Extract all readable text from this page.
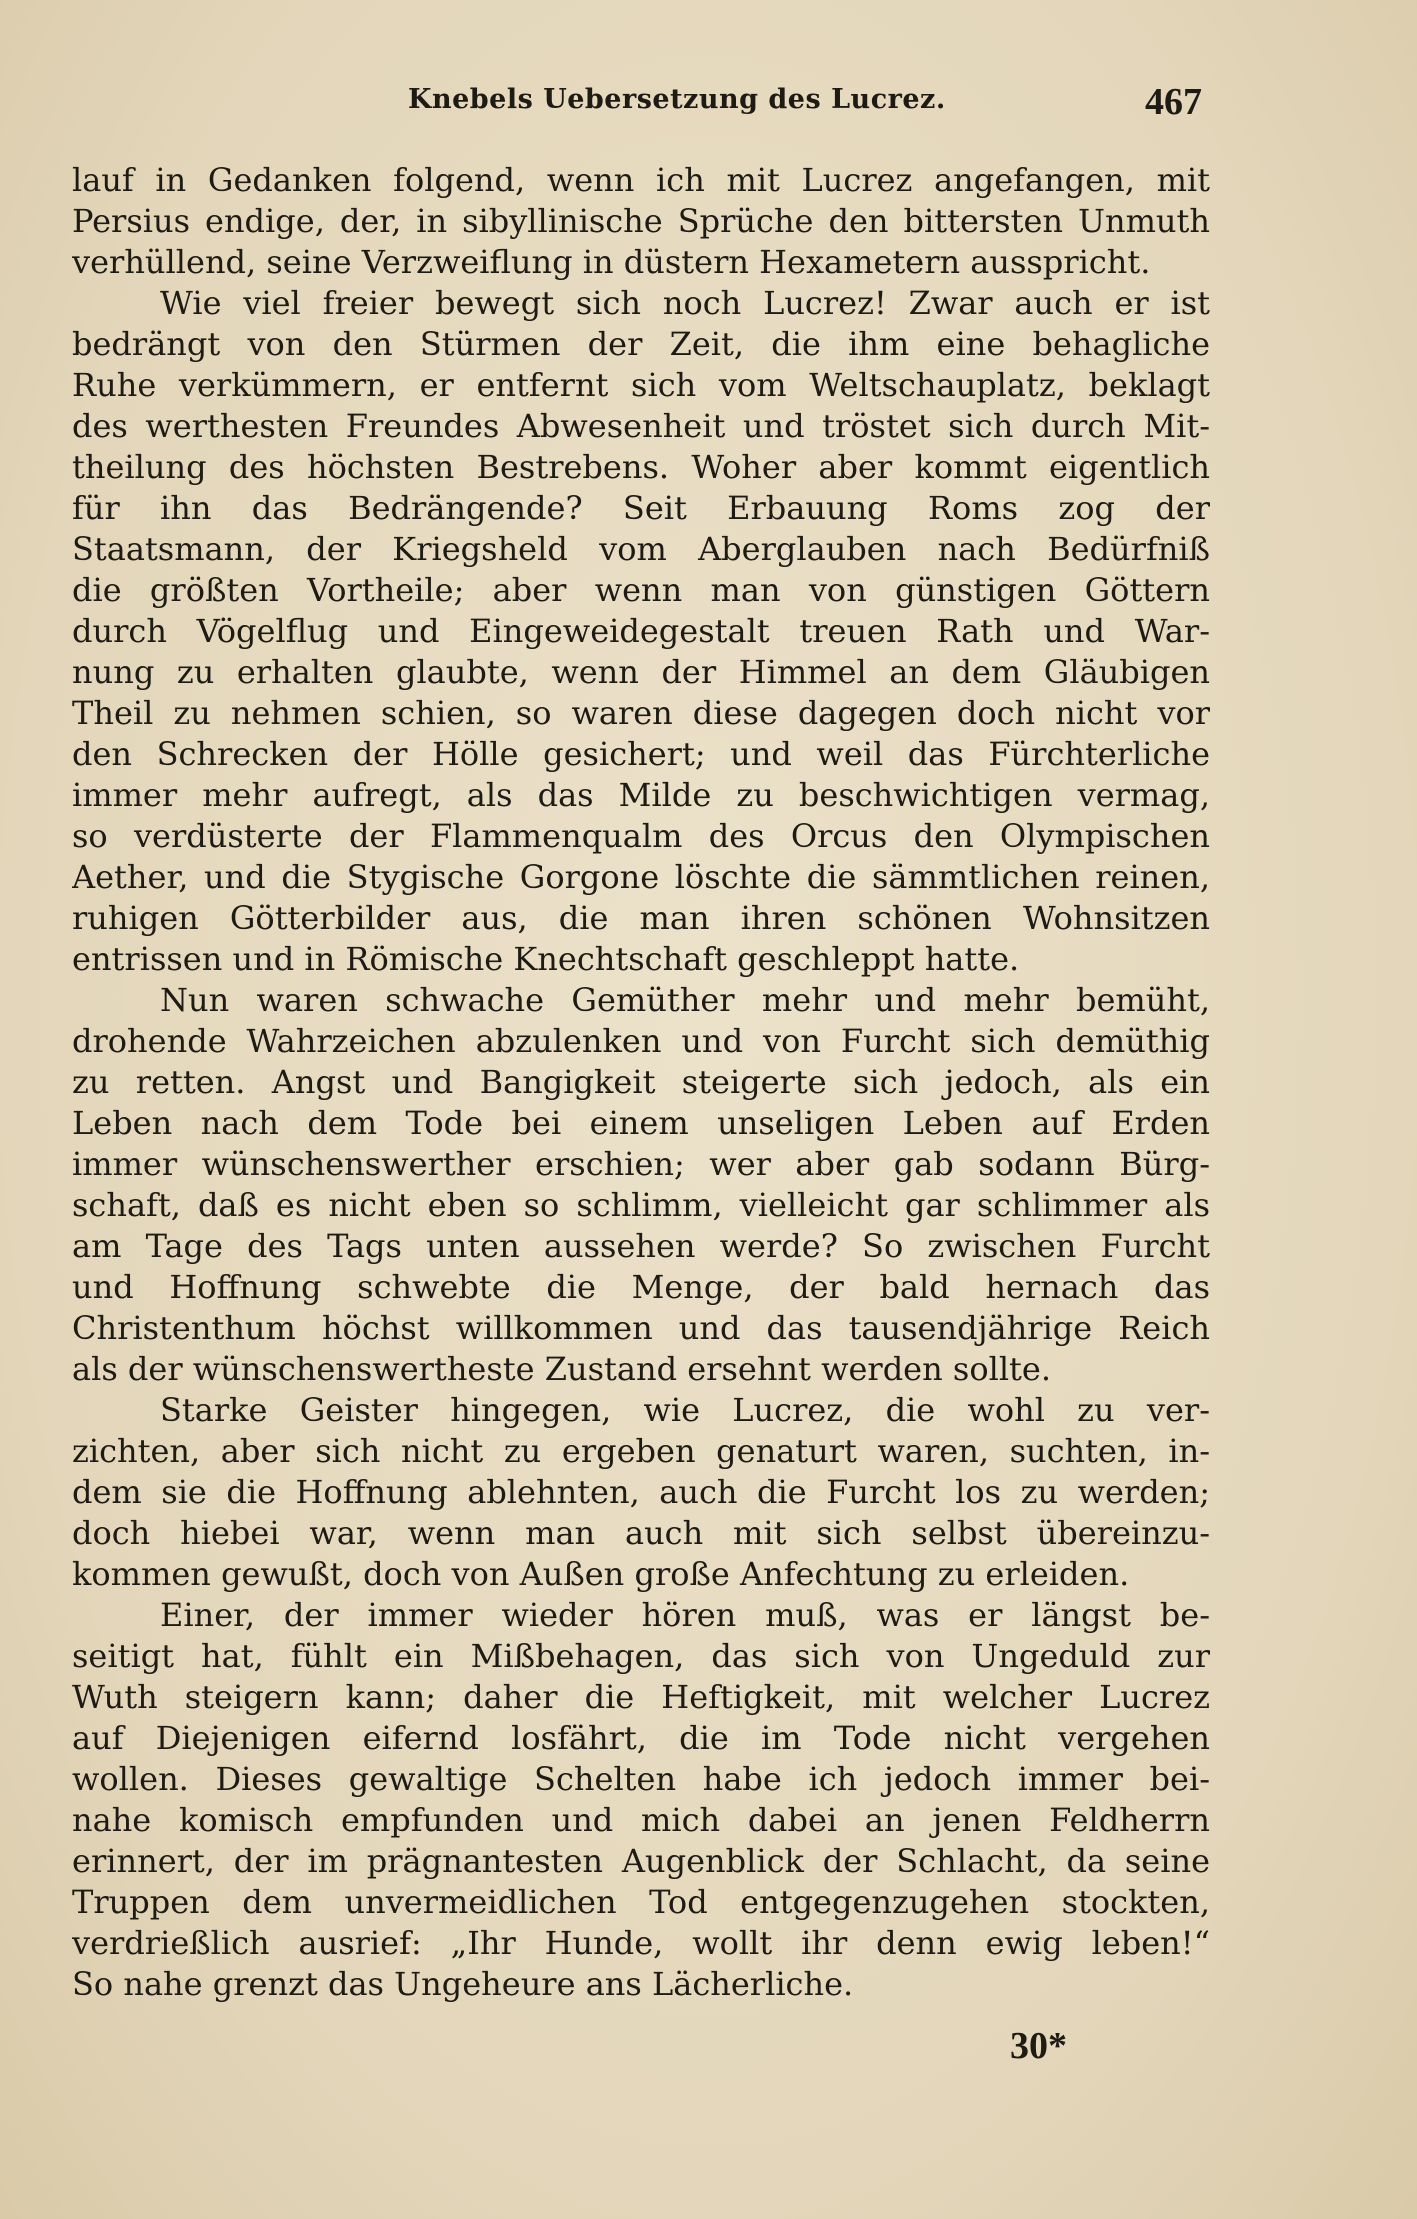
Knebels Uebersetzung des Lucrez.	467
lauf in Gedanken folgend, wenn ich mit Lucrez angefangen, mit
Persius endige, der, in sibyllinische Sprüche den bittersten Unmuth
verhüllend, seine Verzweiflung in düstern Hexametern ausspricht.
Wie viel freier bewegt sich noch Lucrez! Zwar auch er ist
bedrängt von den Stürmen der Zeit, die ihm eine behagliche
Ruhe verkümmern, er entfernt sich vom Weltschauplatz, beklagt
des werthesten Freundes Abwesenheit und tröstet sich durch Mit-
theilung des höchsten Bestrebens. Woher aber kommt eigentlich
für ihn das Bedrängende? Seit Erbauung Roms zog der
Staatsmann, der Kriegsheld vom Aberglauben nach Bedürfniß
die größten Vortheile; aber wenn man von günstigen Göttern
durch Vögelflug und Eingeweidegestalt treuen Rath und War-
nung zu erhalten glaubte, wenn der Himmel an dem Gläubigen
Theil zu nehmen schien, so waren diese dagegen doch nicht vor
den Schrecken der Hölle gesichert; und weil das Fürchterliche
immer mehr aufregt, als das Milde zu beschwichtigen vermag,
so verdüsterte der Flammenqualm des Orcus den Olympischen
Aether, und die Stygische Gorgone löschte die sämmtlichen reinen,
ruhigen Götterbilder aus, die man ihren schönen Wohnsitzen
entrissen und in Römische Knechtschaft geschleppt hatte.
Nun waren schwache Gemüther mehr und mehr bemüht,
drohende Wahrzeichen abzulenken und von Furcht sich demüthig
zu retten. Angst und Bangigkeit steigerte sich jedoch, als ein
Leben nach dem Tode bei einem unseligen Leben auf Erden
immer wünschenswerther erschien; wer aber gab sodann Bürg-
schaft, daß es nicht eben so schlimm, vielleicht gar schlimmer als
am Tage des Tags unten aussehen werde? So zwischen Furcht
und Hoffnung schwebte die Menge, der bald hernach das
Christenthum höchst willkommen und das tausendjährige Reich
als der wünschenswertheste Zustand ersehnt werden sollte.
Starke Geister hingegen, wie Lucrez, die wohl zu ver-
zichten, aber sich nicht zu ergeben genaturt waren, suchten, in-
dem sie die Hoffnung ablehnten, auch die Furcht los zu werden;
doch hiebei war, wenn man auch mit sich selbst übereinzu-
kommen gewußt, doch von Außen große Anfechtung zu erleiden.
Einer, der immer wieder hören muß, was er längst be-
seitigt hat, fühlt ein Mißbehagen, das sich von Ungeduld zur
Wuth steigern kann; daher die Heftigkeit, mit welcher Lucrez
auf Diejenigen eifernd losfährt, die im Tode nicht vergehen
wollen. Dieses gewaltige Schelten habe ich jedoch immer bei-
nahe komisch empfunden und mich dabei an jenen Feldherrn
erinnert, der im prägnantesten Augenblick der Schlacht, da seine
Truppen dem unvermeidlichen Tod entgegenzugehen stockten,
verdrießlich ausrief: „Ihr Hunde, wollt ihr denn ewig leben!“
So nahe grenzt das Ungeheure ans Lächerliche.
30*
